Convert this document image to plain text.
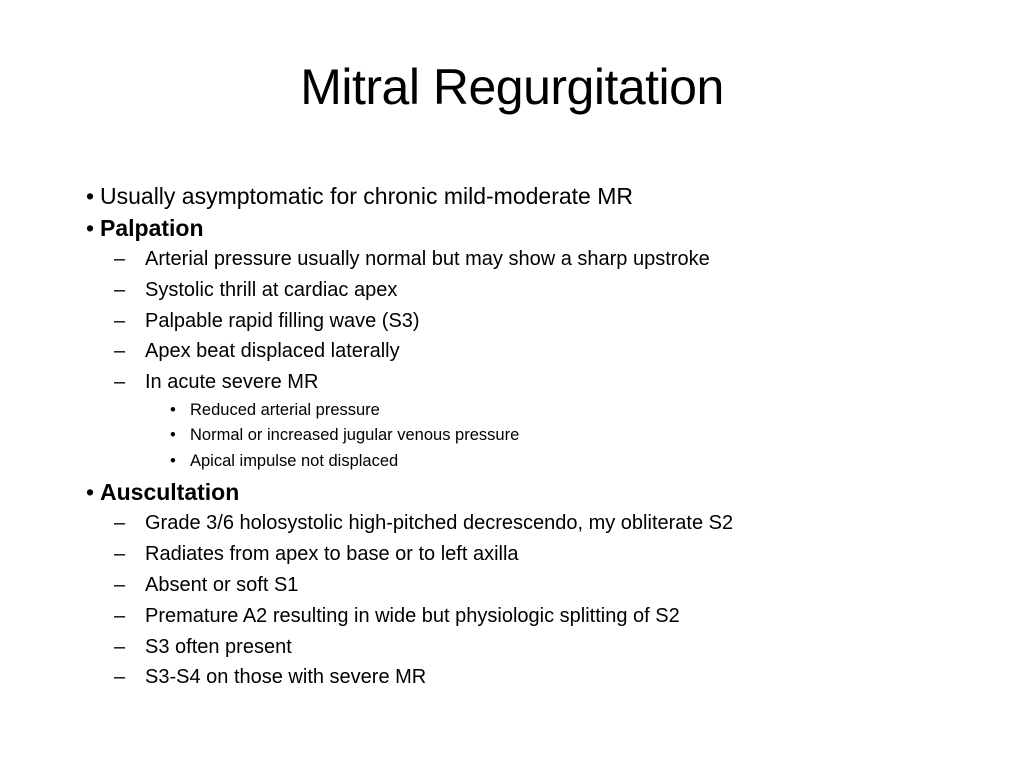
Mitral Regurgitation
• Usually asymptomatic for chronic mild-moderate MR
• Palpation
– Arterial pressure usually normal but may show a sharp upstroke
– Systolic thrill at cardiac apex
– Palpable rapid filling wave (S3)
– Apex beat displaced laterally
– In acute severe MR
• Reduced arterial pressure
• Normal or increased jugular venous pressure
• Apical impulse not displaced
• Auscultation
– Grade 3/6 holosystolic high-pitched decrescendo, my obliterate S2
– Radiates from apex to base or to left axilla
– Absent or soft S1
– Premature A2 resulting in wide but physiologic splitting of S2
– S3 often present
– S3-S4 on those with severe MR
